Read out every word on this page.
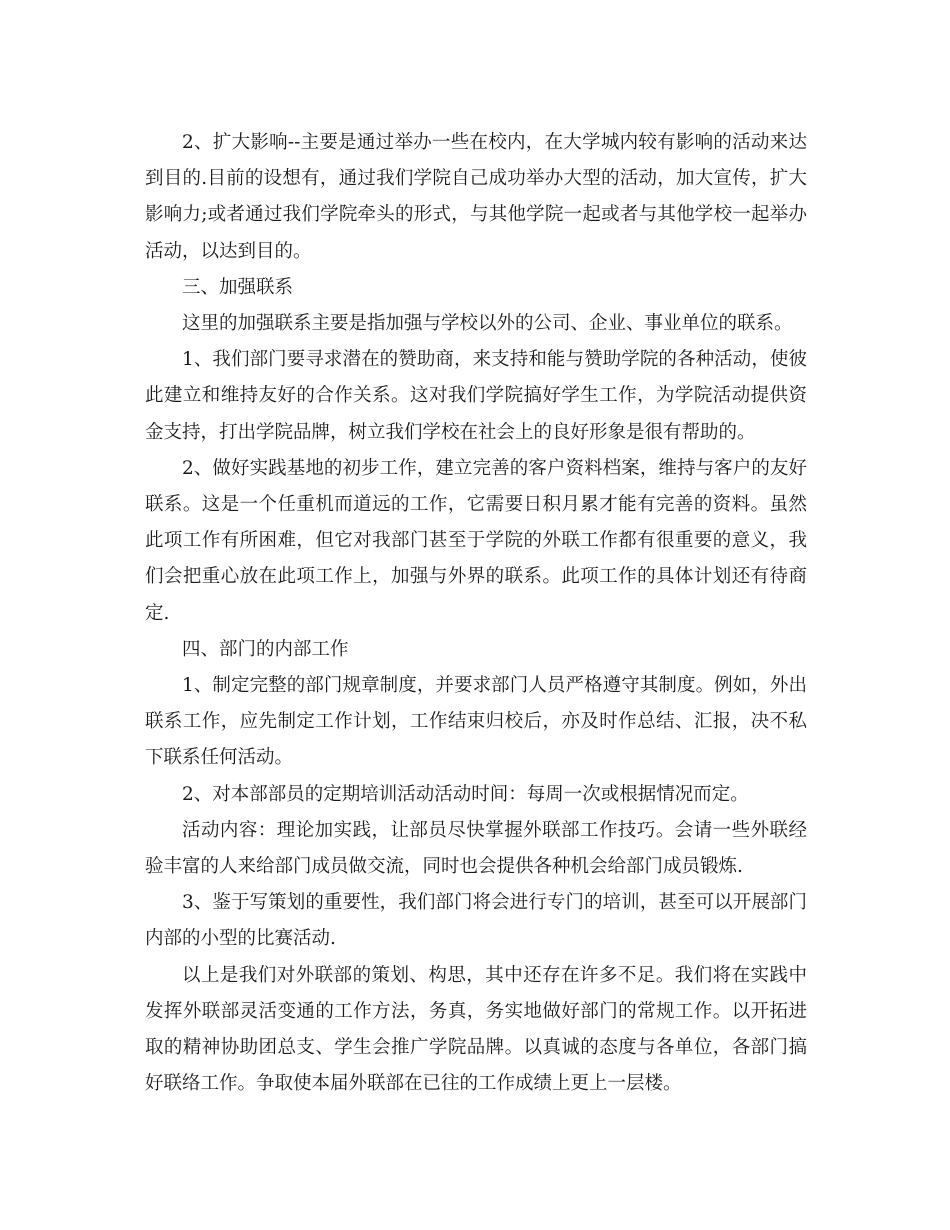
2、扩大影响--主要是通过举办一些在校内，在大学城内较有影响的活动来达到目的.目前的设想有，通过我们学院自己成功举办大型的活动，加大宣传，扩大影响力;或者通过我们学院牵头的形式，与其他学院一起或者与其他学校一起举办活动，以达到目的。

三、加强联系

这里的加强联系主要是指加强与学校以外的公司、企业、事业单位的联系。

1、我们部门要寻求潜在的赞助商，来支持和能与赞助学院的各种活动，使彼此建立和维持友好的合作关系。这对我们学院搞好学生工作，为学院活动提供资金支持，打出学院品牌，树立我们学校在社会上的良好形象是很有帮助的。

2、做好实践基地的初步工作，建立完善的客户资料档案，维持与客户的友好联系。这是一个任重机而道远的工作，它需要日积月累才能有完善的资料。虽然此项工作有所困难，但它对我部门甚至于学院的外联工作都有很重要的意义，我们会把重心放在此项工作上，加强与外界的联系。此项工作的具体计划还有待商定.

四、部门的内部工作

1、制定完整的部门规章制度，并要求部门人员严格遵守其制度。例如，外出联系工作，应先制定工作计划，工作结束归校后，亦及时作总结、汇报，决不私下联系任何活动。

2、对本部部员的定期培训活动活动时间：每周一次或根据情况而定。

活动内容：理论加实践，让部员尽快掌握外联部工作技巧。会请一些外联经验丰富的人来给部门成员做交流，同时也会提供各种机会给部门成员锻炼.

3、鉴于写策划的重要性，我们部门将会进行专门的培训，甚至可以开展部门内部的小型的比赛活动.

以上是我们对外联部的策划、构思，其中还存在许多不足。我们将在实践中发挥外联部灵活变通的工作方法，务真，务实地做好部门的常规工作。以开拓进取的精神协助团总支、学生会推广学院品牌。以真诚的态度与各单位，各部门搞好联络工作。争取使本届外联部在已往的工作成绩上更上一层楼。
